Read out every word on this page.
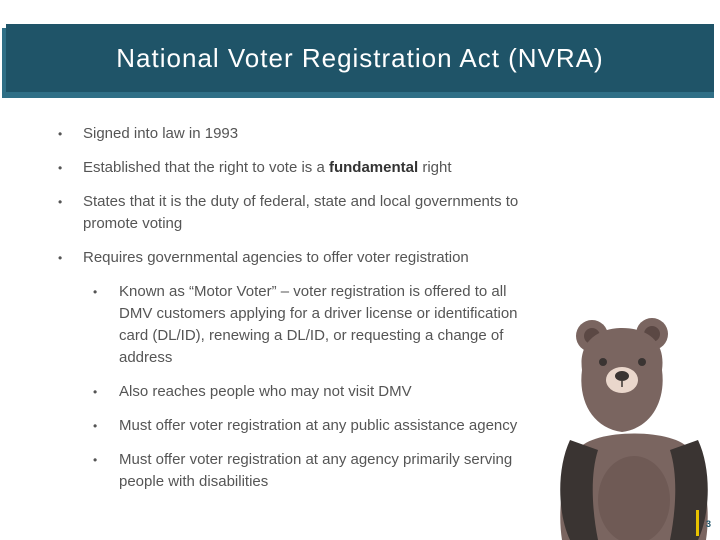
National Voter Registration Act (NVRA)
• Signed into law in 1993
• Established that the right to vote is a fundamental right
• States that it is the duty of federal, state and local governments to
promote voting
• Requires governmental agencies to offer voter registration
• Known as “Motor Voter” – voter registration is offered to all
DMV customers applying for a driver license or identification
card (DL/ID), renewing a DL/ID, or requesting a change of
address
• Also reaches people who may not visit DMV
• Must offer voter registration at any public assistance agency
• Must offer voter registration at any agency primarily serving
people with disabilities
3
